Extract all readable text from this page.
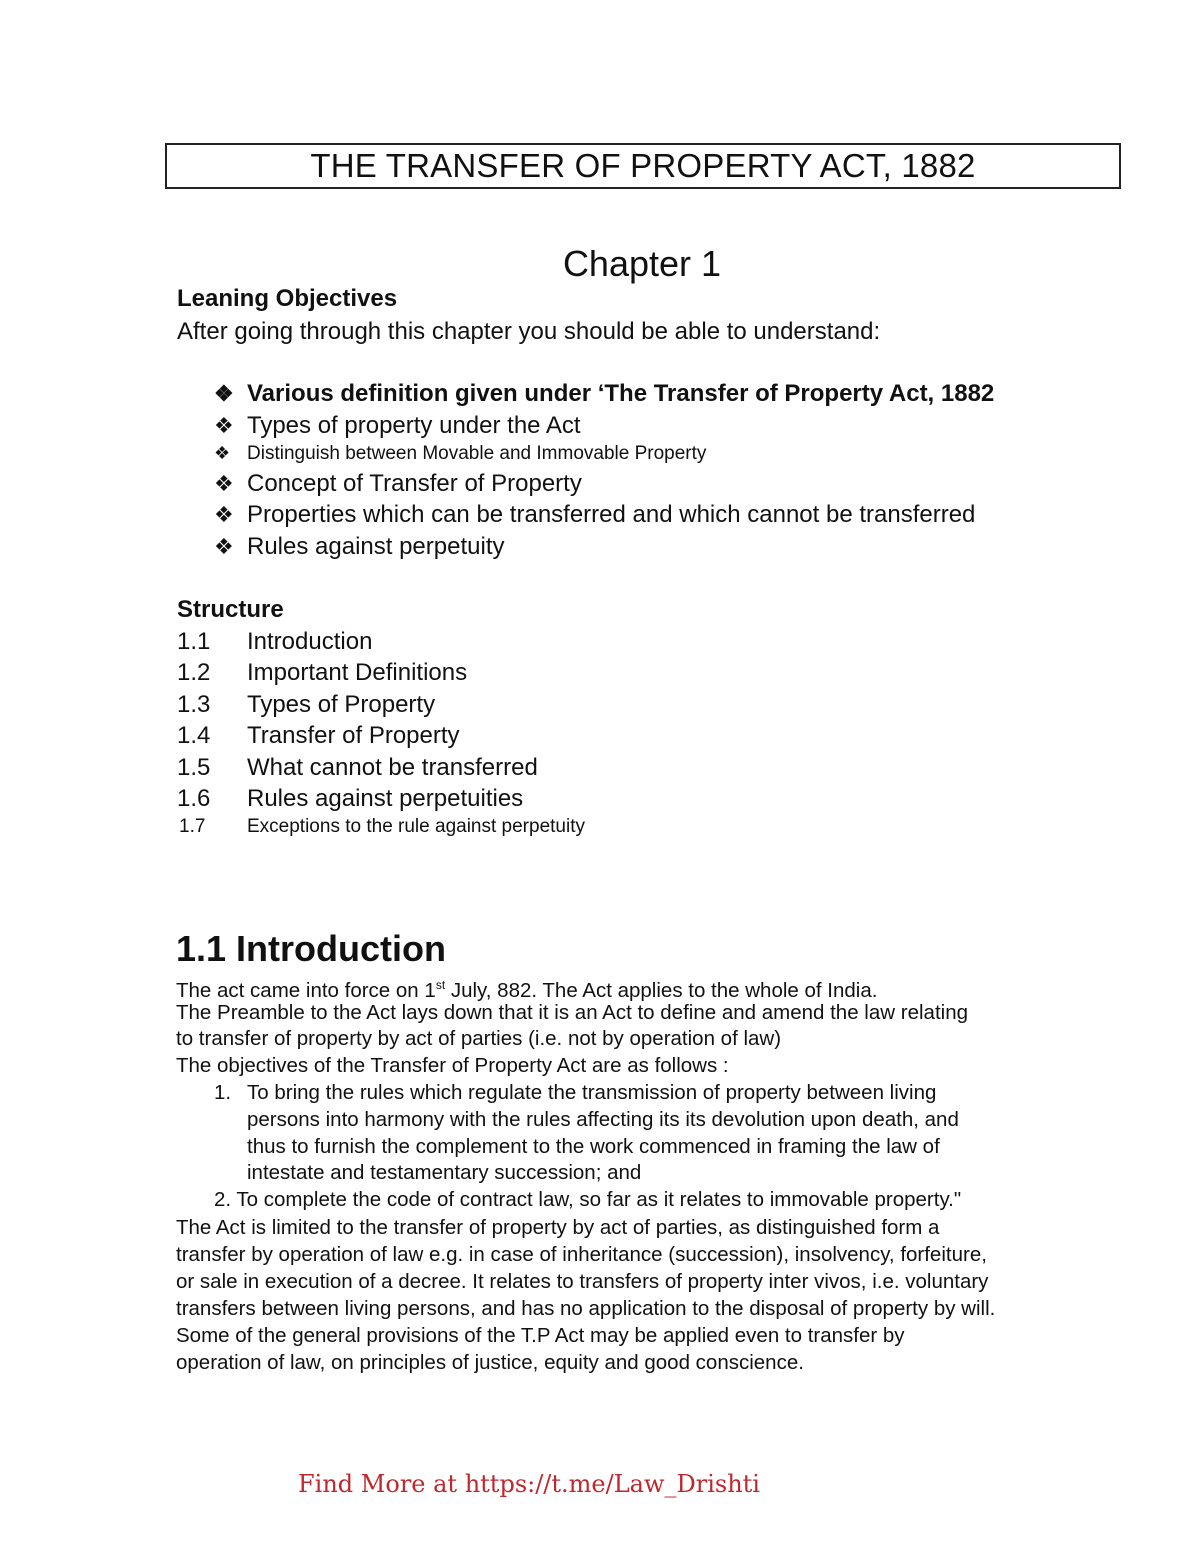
THE TRANSFER OF PROPERTY ACT, 1882
Chapter 1
Leaning Objectives
After going through this chapter you should be able to understand:
❖ Various definition given under ‘The Transfer of Property Act, 1882
❖ Types of property under the Act
❖ Distinguish between Movable and Immovable Property
❖ Concept of Transfer of Property
❖ Properties which can be transferred and which cannot be transferred
❖ Rules against perpetuity
Structure
1.1 Introduction
1.2 Important Definitions
1.3 Types of Property
1.4 Transfer of Property
1.5 What cannot be transferred
1.6 Rules against perpetuities
1.7 Exceptions to the rule against perpetuity
1.1 Introduction
The act came into force on 1st July, 882. The Act applies to the whole of India.
The Preamble to the Act lays down that it is an Act to define and amend the law relating
to transfer of property by act of parties (i.e. not by operation of law)
The objectives of the Transfer of Property Act are as follows :
1. To bring the rules which regulate the transmission of property between living
persons into harmony with the rules affecting its its devolution upon death, and
thus to furnish the complement to the work commenced in framing the law of
intestate and testamentary succession; and
2. To complete the code of contract law, so far as it relates to immovable property."
The Act is limited to the transfer of property by act of parties, as distinguished form a
transfer by operation of law e.g. in case of inheritance (succession), insolvency, forfeiture,
or sale in execution of a decree. It relates to transfers of property inter vivos, i.e. voluntary
transfers between living persons, and has no application to the disposal of property by will.
Some of the general provisions of the T.P Act may be applied even to transfer by
operation of law, on principles of justice, equity and good conscience.
Find More at https://t.me/Law_Drishti
